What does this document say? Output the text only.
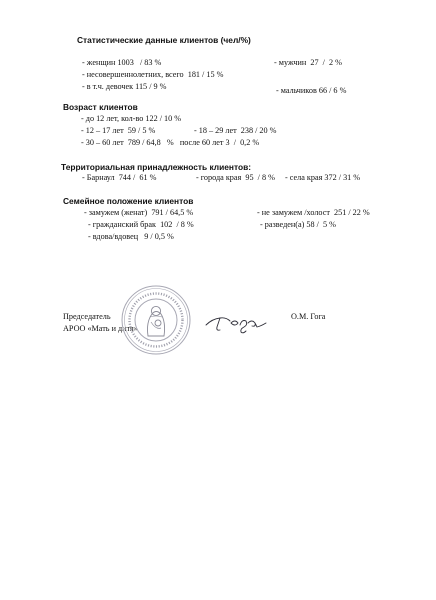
Статистические данные клиентов (чел/%)
- женщин 1003   / 83 %	- мужчин  27  /  2 %
- несовершеннолетних, всего  181 / 15 %
- в т.ч. девочек 115 / 9 %	- мальчиков 66 / 6 %
Возраст клиентов
- до 12 лет, кол-во 122 / 10 %
- 12 – 17 лет  59 / 5 %	- 18 – 29 лет  238 / 20 %
- 30 – 60 лет  789 / 64,8   %   после 60 лет 3  /  0,2 %
Территориальная принадлежность клиентов:
- Барнаул  744 /  61 %	- города края  95  / 8 % - села края 372 / 31 %
Семейное положение клиентов
- замужем (женат)  791 / 64,5 %	- не замужем /холост  251 / 22 %
- гражданский брак  102  / 8 %	- разведен(а) 58 /  5 %
- вдова/вдовец   9 / 0,5 %
Председатель
АРОО «Мать и дитя»
О.М. Гога
